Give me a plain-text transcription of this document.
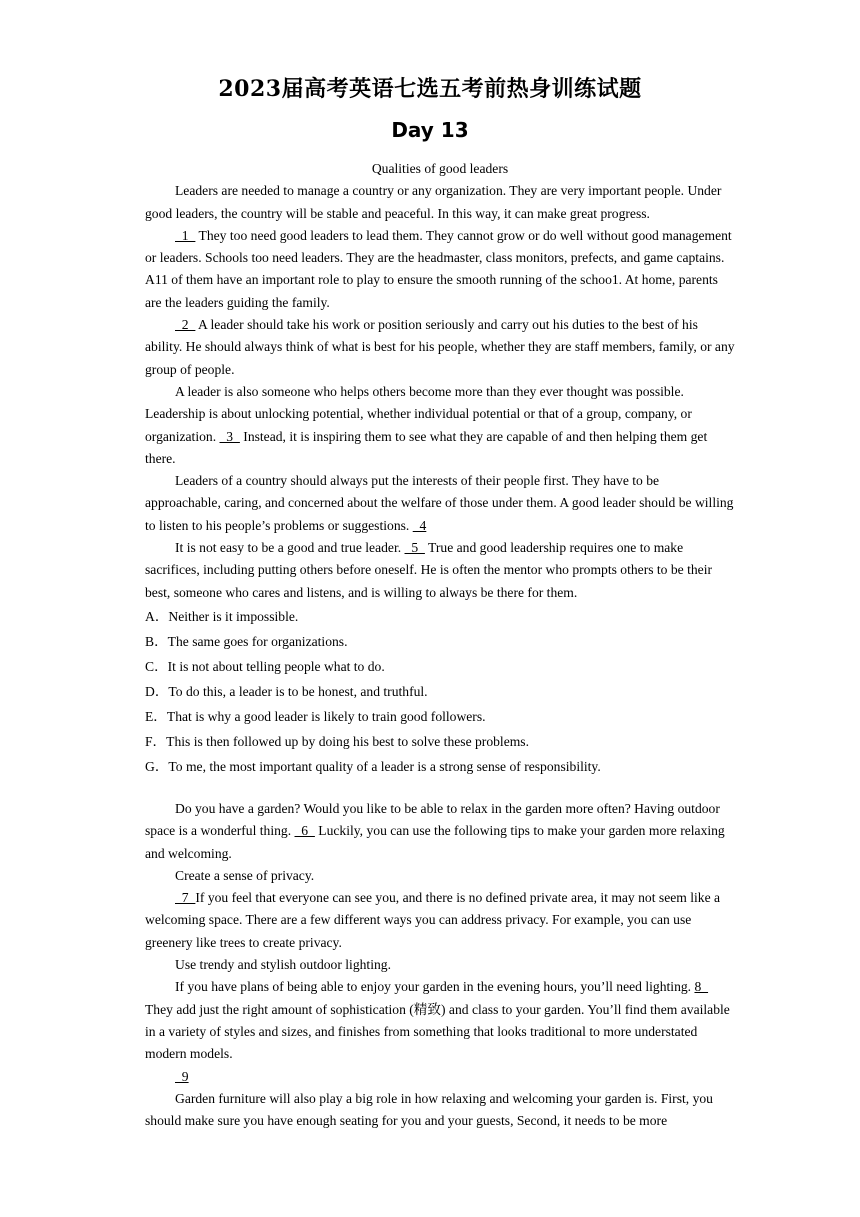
2023届高考英语七选五考前热身训练试题
Day 13

Qualities of good leaders

Leaders are needed to manage a country or any organization. They are very important people. Under good leaders, the country will be stable and peaceful. In this way, it can make great progress.

1   They too need good leaders to lead them. They cannot grow or do well without good management or leaders. Schools too need leaders. They are the headmaster, class monitors, prefects, and game captains. A11 of them have an important role to play to ensure the smooth running of the schoo1. At home, parents are the leaders guiding the family.

2   A leader should take his work or position seriously and carry out his duties to the best of his ability. He should always think of what is best for his people, whether they are staff members, family, or any group of people.

A leader is also someone who helps others become more than they ever thought was possible. Leadership is about unlocking potential, whether individual potential or that of a group, company, or organization.   3   Instead, it is inspiring them to see what they are capable of and then helping them get there.

Leaders of a country should always put the interests of their people first. They have to be approachable, caring, and concerned about the welfare of those under them. A good leader should be willing to listen to his people’s problems or suggestions.   4

It is not easy to be a good and true leader.   5   True and good leadership requires one to make sacrifices, including putting others before oneself. He is often the mentor who prompts others to be their best, someone who cares and listens, and is willing to always be there for them.

A．Neither is it impossible.

B．The same goes for organizations.

C．It is not about telling people what to do.

D．To do this, a leader is to be honest, and truthful.

E．That is why a good leader is likely to train good followers.

F．This is then followed up by doing his best to solve these problems.

G．To me, the most important quality of a leader is a strong sense of responsibility.

Do you have a garden? Would you like to be able to relax in the garden more often? Having outdoor space is a wonderful thing.   6   Luckily, you can use the following tips to make your garden more relaxing and welcoming.

Create a sense of privacy.

7  If you feel that everyone can see you, and there is no defined private area, it may not seem like a welcoming space. There are a few different ways you can address privacy. For example, you can use greenery like trees to create privacy.

Use trendy and stylish outdoor lighting.

If you have plans of being able to enjoy your garden in the evening hours, you’ll need lighting. 8   They add just the right amount of sophistication (精致) and class to your garden. You’ll find them available in a variety of styles and sizes, and finishes from something that looks traditional to more understated modern models.

9

Garden furniture will also play a big role in how relaxing and welcoming your garden is. First, you should make sure you have enough seating for you and your guests, Second, it needs to be more
